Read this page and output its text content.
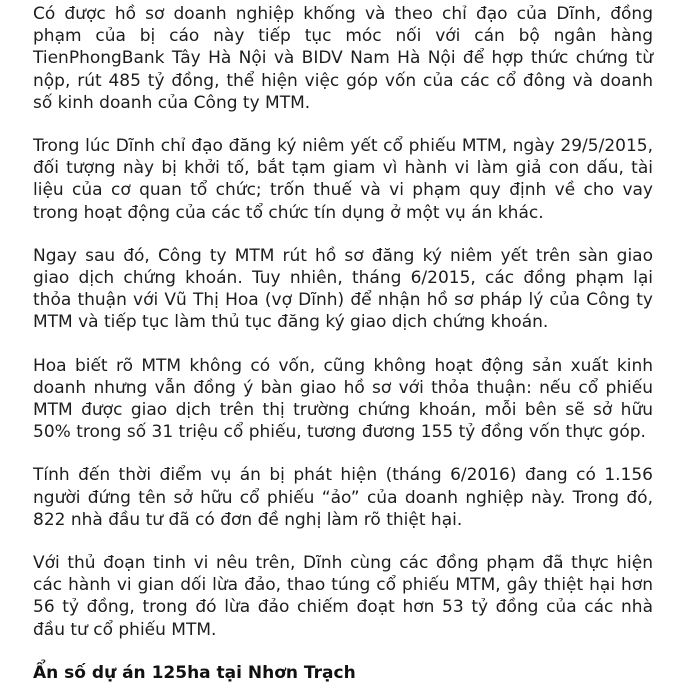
Có được hồ sơ doanh nghiệp khống và theo chỉ đạo của Dĩnh, đồng phạm của bị cáo này tiếp tục móc nối với cán bộ ngân hàng TienPhongBank Tây Hà Nội và BIDV Nam Hà Nội để hợp thức chứng từ nộp, rút 485 tỷ đồng, thể hiện việc góp vốn của các cổ đông và doanh số kinh doanh của Công ty MTM.

Trong lúc Dĩnh chỉ đạo đăng ký niêm yết cổ phiếu MTM, ngày 29/5/2015, đối tượng này bị khởi tố, bắt tạm giam vì hành vi làm giả con dấu, tài liệu của cơ quan tổ chức; trốn thuế và vi phạm quy định về cho vay trong hoạt động của các tổ chức tín dụng ở một vụ án khác.

Ngay sau đó, Công ty MTM rút hồ sơ đăng ký niêm yết trên sàn giao giao dịch chứng khoán. Tuy nhiên, tháng 6/2015, các đồng phạm lại thỏa thuận với Vũ Thị Hoa (vợ Dĩnh) để nhận hồ sơ pháp lý của Công ty MTM và tiếp tục làm thủ tục đăng ký giao dịch chứng khoán.

Hoa biết rõ MTM không có vốn, cũng không hoạt động sản xuất kinh doanh nhưng vẫn đồng ý bàn giao hồ sơ với thỏa thuận: nếu cổ phiếu MTM được giao dịch trên thị trường chứng khoán, mỗi bên sẽ sở hữu 50% trong số 31 triệu cổ phiếu, tương đương 155 tỷ đồng vốn thực góp.

Tính đến thời điểm vụ án bị phát hiện (tháng 6/2016) đang có 1.156 người đứng tên sở hữu cổ phiếu “ảo” của doanh nghiệp này. Trong đó, 822 nhà đầu tư đã có đơn đề nghị làm rõ thiệt hại.

Với thủ đoạn tinh vi nêu trên, Dĩnh cùng các đồng phạm đã thực hiện các hành vi gian dối lừa đảo, thao túng cổ phiếu MTM, gây thiệt hại hơn 56 tỷ đồng, trong đó lừa đảo chiếm đoạt hơn 53 tỷ đồng của các nhà đầu tư cổ phiếu MTM.

Ẩn số dự án 125ha tại Nhơn Trạch
